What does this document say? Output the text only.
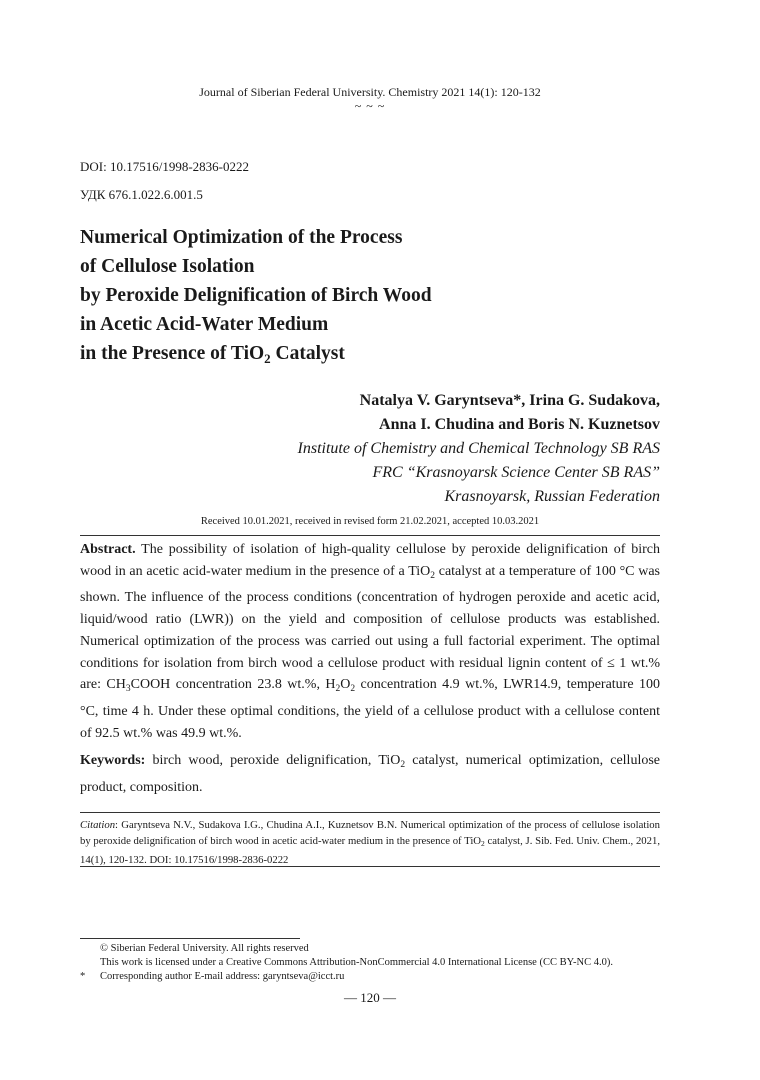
Journal of Siberian Federal University. Chemistry 2021 14(1): 120-132
~ ~ ~
DOI: 10.17516/1998-2836-0222
УДК 676.1.022.6.001.5
Numerical Optimization of the Process
of Cellulose Isolation
by Peroxide Delignification of Birch Wood
in Acetic Acid-Water Medium
in the Presence of TiO$_2$ Catalyst
Natalya V. Garyntseva*, Irina G. Sudakova,
Anna I. Chudina and Boris N. Kuznetsov
Institute of Chemistry and Chemical Technology SB RAS
FRC “Krasnoyarsk Science Center SB RAS”
Krasnoyarsk, Russian Federation
Received 10.01.2021, received in revised form 21.02.2021, accepted 10.03.2021
Abstract. The possibility of isolation of high-quality cellulose by peroxide delignification of birch wood in an acetic acid-water medium in the presence of a TiO$_2$ catalyst at a temperature of 100 °C was shown. The influence of the process conditions (concentration of hydrogen peroxide and acetic acid, liquid/wood ratio (LWR)) on the yield and composition of cellulose products was established. Numerical optimization of the process was carried out using a full factorial experiment. The optimal conditions for isolation from birch wood a cellulose product with residual lignin content of ≤ 1 wt.% are: $CH_3COOH$ concentration 23.8 wt.%, $H_2O_2$ concentration 4.9 wt.%, LWR14.9, temperature 100 °C, time 4 h. Under these optimal conditions, the yield of a cellulose product with a cellulose content of 92.5 wt.% was 49.9 wt.%.
Keywords: birch wood, peroxide delignification, TiO$_2$ catalyst, numerical optimization, cellulose product, composition.
Citation: Garyntseva N.V., Sudakova I.G., Chudina A.I., Kuznetsov B.N. Numerical optimization of the process of cellulose isolation by peroxide delignification of birch wood in acetic acid-water medium in the presence of TiO$_2$ catalyst, J. Sib. Fed. Univ. Chem., 2021, 14(1), 120-132. DOI: 10.17516/1998-2836-0222
© Siberian Federal University. All rights reserved
This work is licensed under a Creative Commons Attribution-NonCommercial 4.0 International License (CC BY-NC 4.0).
* Corresponding author E-mail address: garyntseva@icct.ru
— 120 —
